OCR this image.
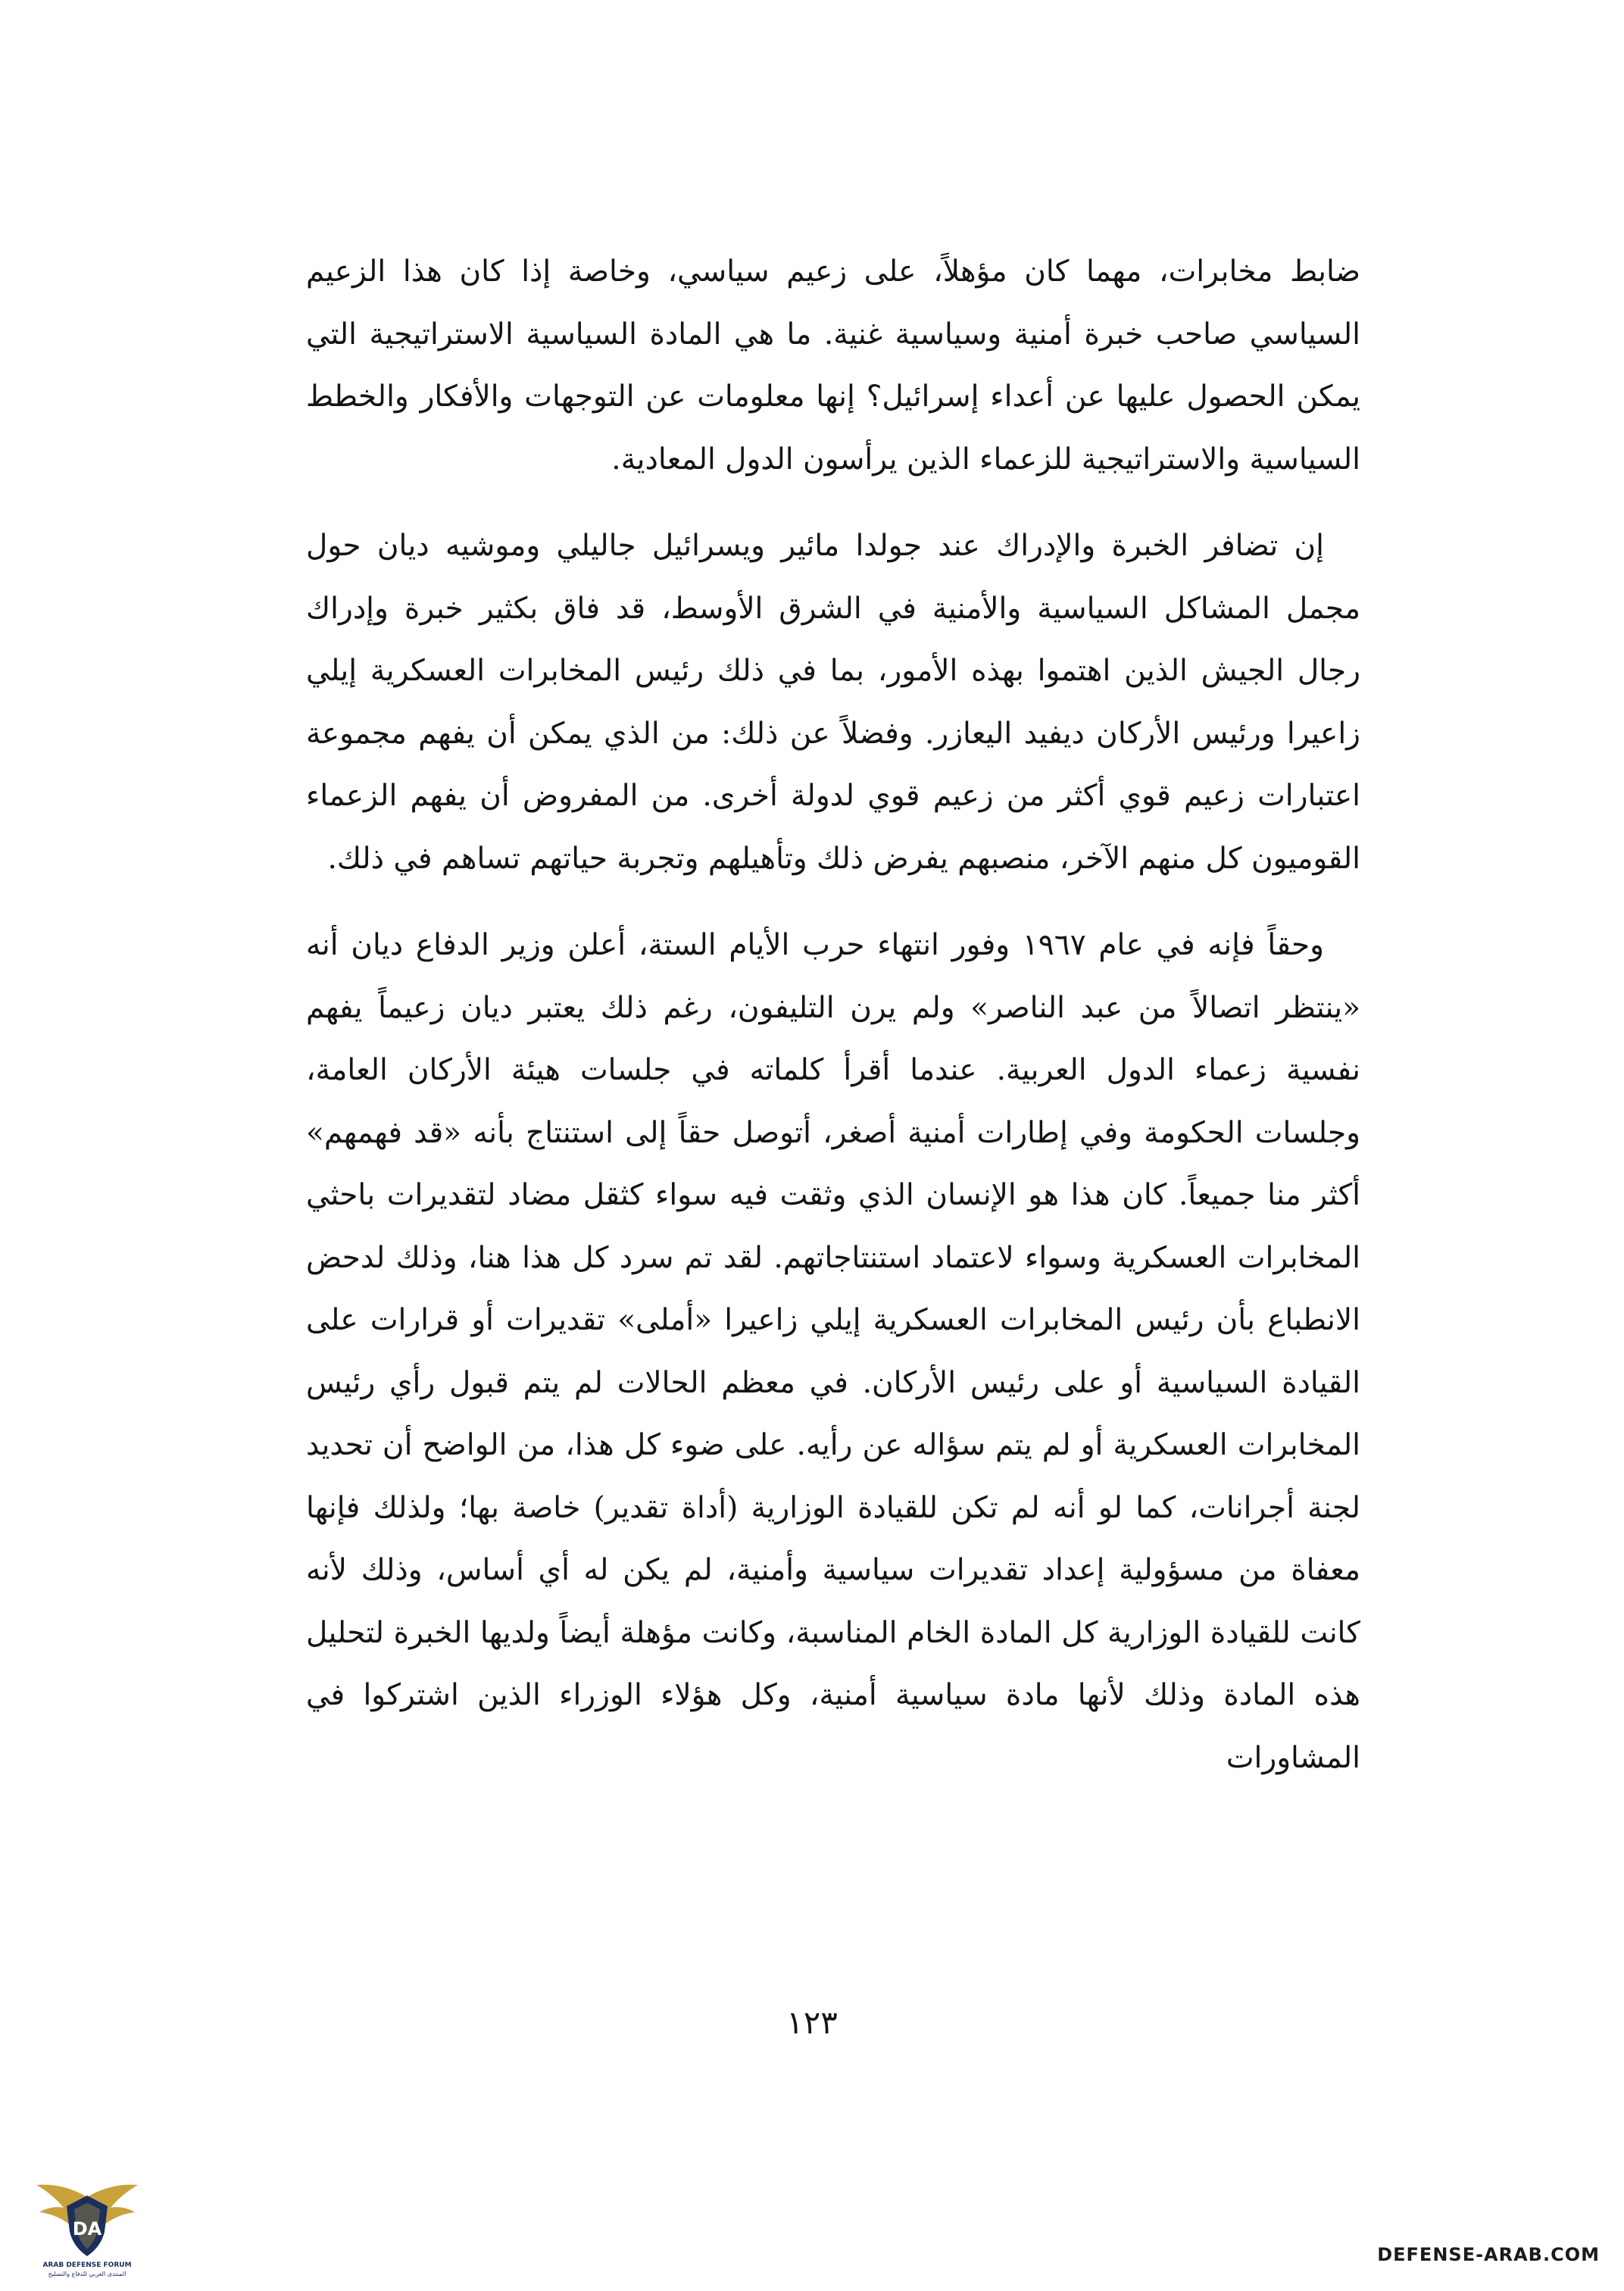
ضابط مخابرات، مهما كان مؤهلاً، على زعيم سياسي، وخاصة إذا كان هذا الزعيم السياسي صاحب خبرة أمنية وسياسية غنية. ما هي المادة السياسية الاستراتيجية التي يمكن الحصول عليها عن أعداء إسرائيل؟ إنها معلومات عن التوجهات والأفكار والخطط السياسية والاستراتيجية للزعماء الذين يرأسون الدول المعادية.

إن تضافر الخبرة والإدراك عند جولدا مائير ويسرائيل جاليلي وموشيه ديان حول مجمل المشاكل السياسية والأمنية في الشرق الأوسط، قد فاق بكثير خبرة وإدراك رجال الجيش الذين اهتموا بهذه الأمور، بما في ذلك رئيس المخابرات العسكرية إيلي زاعيرا ورئيس الأركان ديفيد اليعازر. وفضلاً عن ذلك: من الذي يمكن أن يفهم مجموعة اعتبارات زعيم قوي أكثر من زعيم قوي لدولة أخرى. من المفروض أن يفهم الزعماء القوميون كل منهم الآخر، منصبهم يفرض ذلك وتأهيلهم وتجربة حياتهم تساهم في ذلك.

وحقاً فإنه في عام ١٩٦٧ وفور انتهاء حرب الأيام الستة، أعلن وزير الدفاع ديان أنه «ينتظر اتصالاً من عبد الناصر» ولم يرن التليفون، رغم ذلك يعتبر ديان زعيماً يفهم نفسية زعماء الدول العربية. عندما أقرأ كلماته في جلسات هيئة الأركان العامة، وجلسات الحكومة وفي إطارات أمنية أصغر، أتوصل حقاً إلى استنتاج بأنه «قد فهمهم» أكثر منا جميعاً. كان هذا هو الإنسان الذي وثقت فيه سواء كثقل مضاد لتقديرات باحثي المخابرات العسكرية وسواء لاعتماد استنتاجاتهم. لقد تم سرد كل هذا هنا، وذلك لدحض الانطباع بأن رئيس المخابرات العسكرية إيلي زاعيرا «أملى» تقديرات أو قرارات على القيادة السياسية أو على رئيس الأركان. في معظم الحالات لم يتم قبول رأي رئيس المخابرات العسكرية أو لم يتم سؤاله عن رأيه. على ضوء كل هذا، من الواضح أن تحديد لجنة أجرانات، كما لو أنه لم تكن للقيادة الوزارية (أداة تقدير) خاصة بها؛ ولذلك فإنها معفاة من مسؤولية إعداد تقديرات سياسية وأمنية، لم يكن له أي أساس، وذلك لأنه كانت للقيادة الوزارية كل المادة الخام المناسبة، وكانت مؤهلة أيضاً ولديها الخبرة لتحليل هذه المادة وذلك لأنها مادة سياسية أمنية، وكل هؤلاء الوزراء الذين اشتركوا في المشاورات

١٢٣
DA
ARAB DEFENSE FORUM
المنتدى العربي للدفاع والتسليح
DEFENSE-ARAB.COM
